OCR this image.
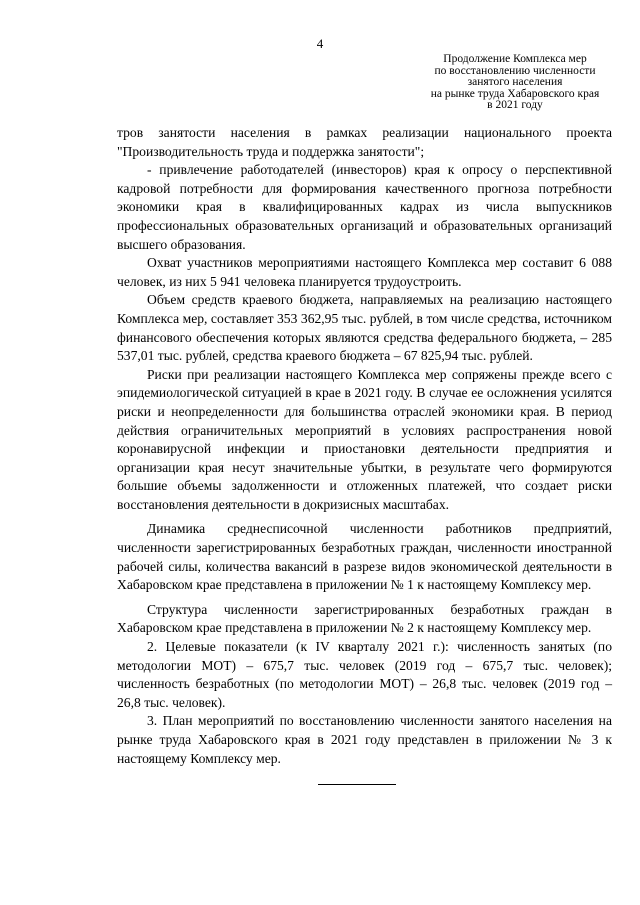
4
Продолжение Комплекса мер
по восстановлению численности
занятого населения
на рынке труда Хабаровского края
в 2021 году

тров занятости населения в рамках реализации национального проекта "Производительность труда и поддержка занятости";

- привлечение работодателей (инвесторов) края к опросу о перспективной кадровой потребности для формирования качественного прогноза потребности экономики края в квалифицированных кадрах из числа выпускников профессиональных образовательных организаций и образовательных организаций высшего образования.

Охват участников мероприятиями настоящего Комплекса мер составит 6 088 человек, из них 5 941 человека планируется трудоустроить.

Объем средств краевого бюджета, направляемых на реализацию настоящего Комплекса мер, составляет 353 362,95 тыс. рублей, в том числе средства, источником финансового обеспечения которых являются средства федерального бюджета, – 285 537,01 тыс. рублей, средства краевого бюджета – 67 825,94 тыс. рублей.

Риски при реализации настоящего Комплекса мер сопряжены прежде всего с эпидемиологической ситуацией в крае в 2021 году. В случае ее осложнения усилятся риски и неопределенности для большинства отраслей экономики края. В период действия ограничительных мероприятий в условиях распространения новой коронавирусной инфекции и приостановки деятельности предприятия и организации края несут значительные убытки, в результате чего формируются большие объемы задолженности и отложенных платежей, что создает риски восстановления деятельности в докризисных масштабах.

Динамика среднесписочной численности работников предприятий, численности зарегистрированных безработных граждан, численности иностранной рабочей силы, количества вакансий в разрезе видов экономической деятельности в Хабаровском крае представлена в приложении № 1 к настоящему Комплексу мер.

Структура численности зарегистрированных безработных граждан в Хабаровском крае представлена в приложении № 2 к настоящему Комплексу мер.

2. Целевые показатели (к IV кварталу 2021 г.): численность занятых (по методологии МОТ) – 675,7 тыс. человек (2019 год – 675,7 тыс. человек); численность безработных (по методологии МОТ) – 26,8 тыс. человек (2019 год – 26,8 тыс. человек).

3. План мероприятий по восстановлению численности занятого населения на рынке труда Хабаровского края в 2021 году представлен в приложении № 3 к настоящему Комплексу мер.
